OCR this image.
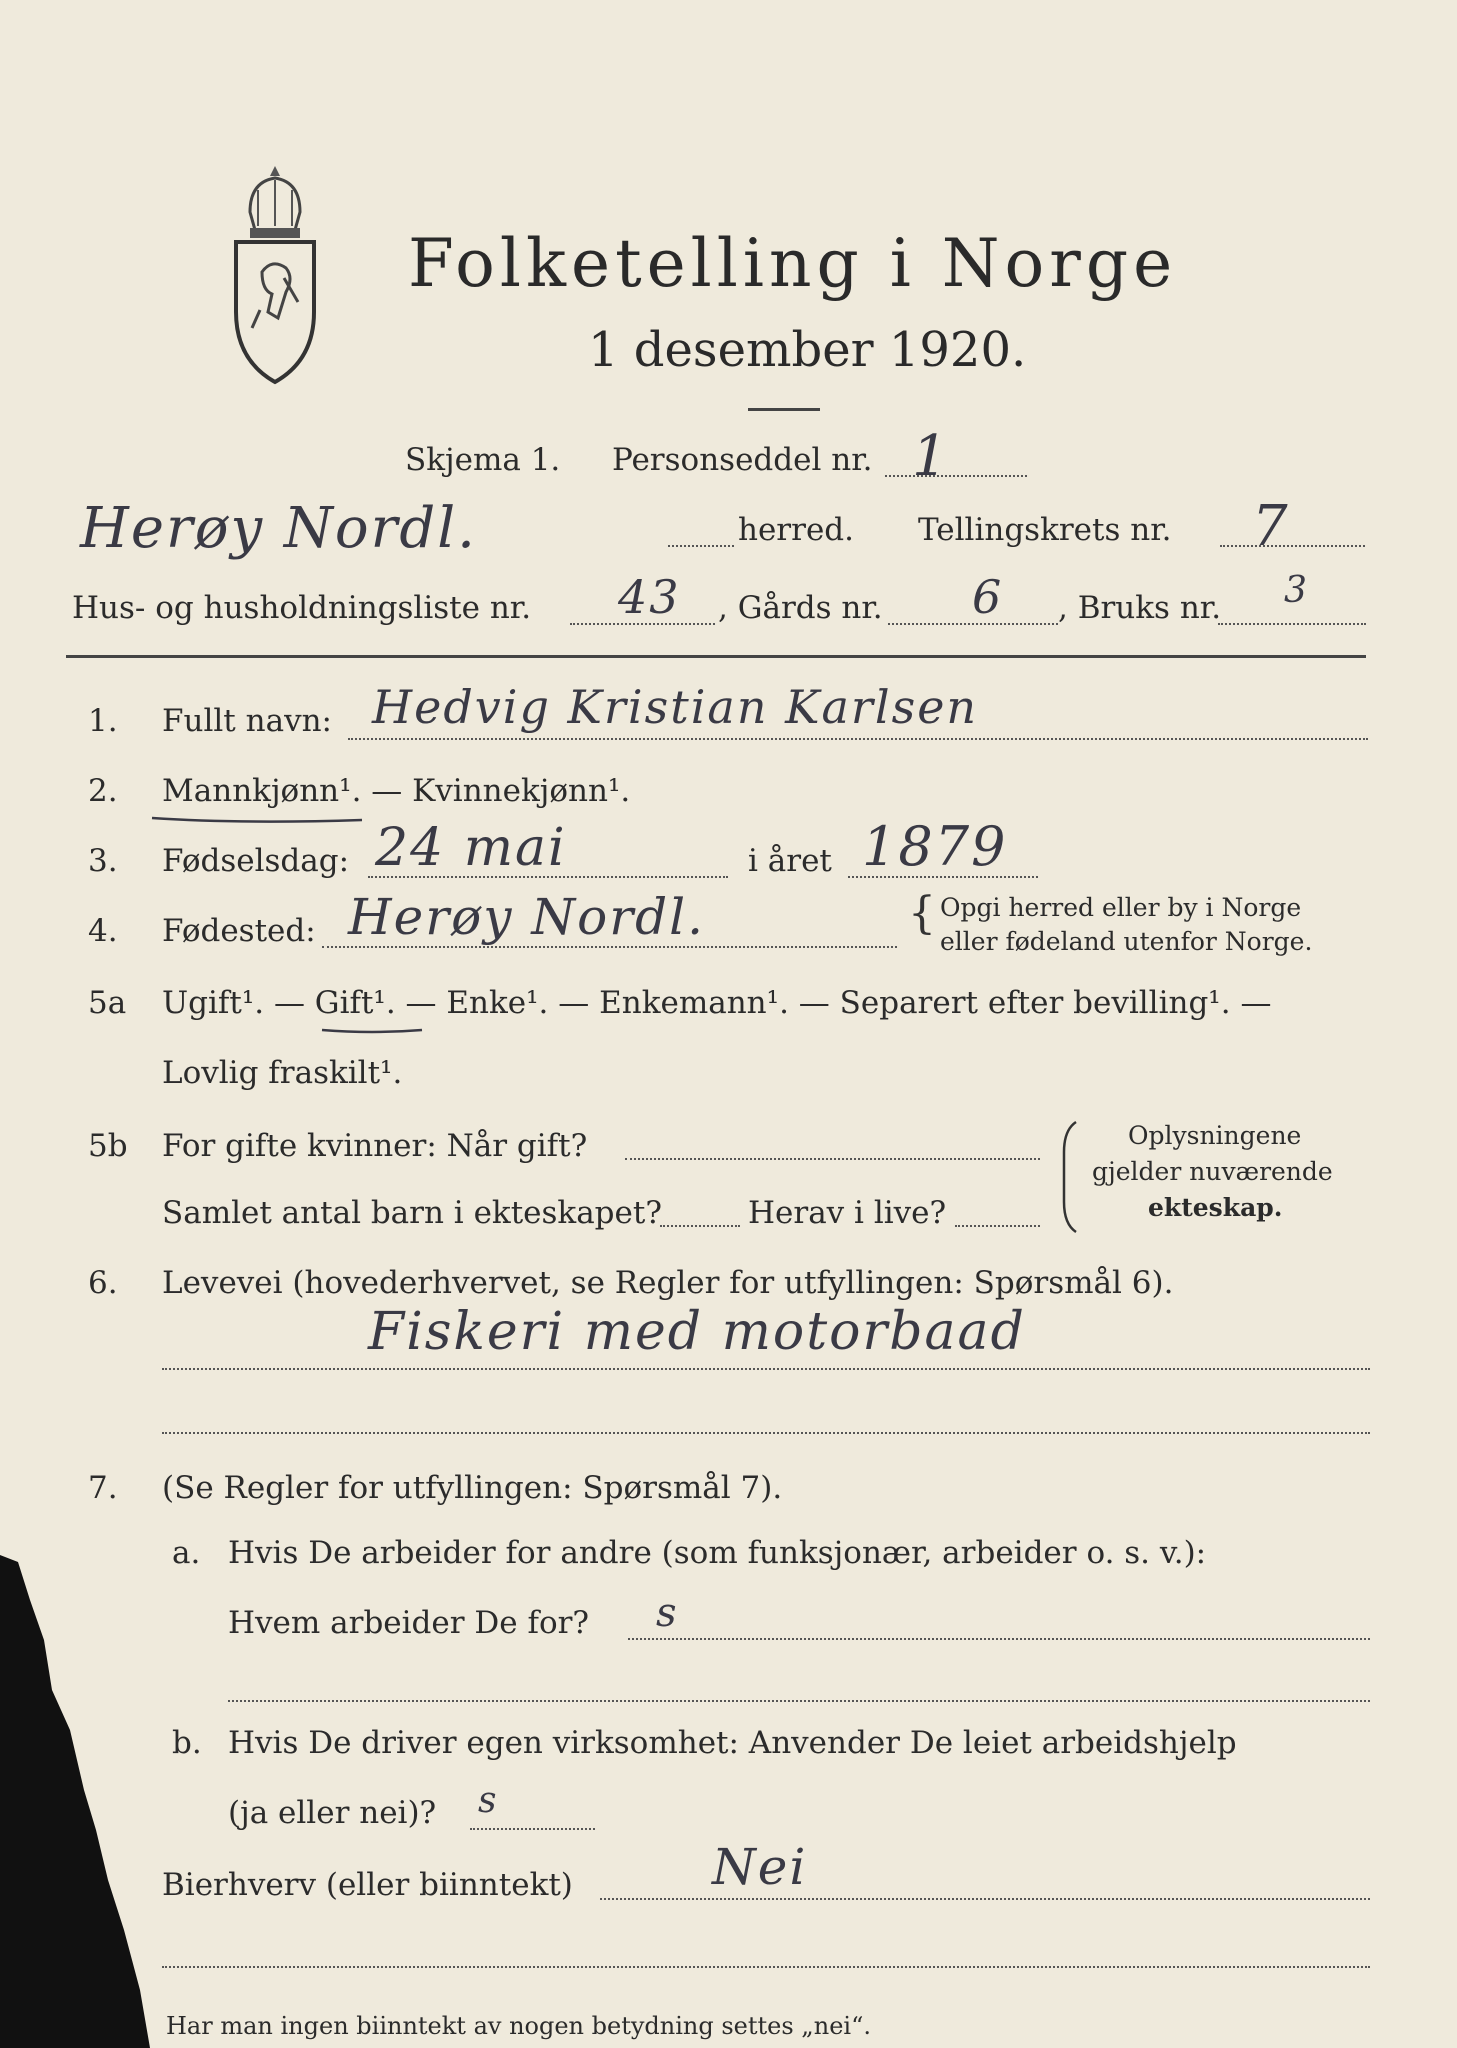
Folketelling i Norge
1 desember 1920.
Skjema 1. Personseddel nr. 1
Herøy Nordl.	herred. Tellingskrets nr. 7
Hus- og husholdningsliste nr. 43 , Gårds nr. 6 , Bruks nr. 3
1. Fullt navn: Hedvig Kristian Karlsen
2. Mannkjønn¹. — Kvinnekjønn¹.
3. Fødselsdag: 24 mai	i året 1879
4. Fødested: Herøy Nordl.	{ Opgi herred eller by i Norge
eller fødeland utenfor Norge.
5a Ugift¹. — Gift¹. — Enke¹. — Enkemann¹. — Separert efter bevilling¹. —
Lovlig fraskilt¹.
5b For gifte kvinner: Når gift?
Samlet antal barn i ekteskapet?	Herav i live?
Oplysningene
gjelder nuværende
ekteskap.
6. Levevei (hovederhvervet, se Regler for utfyllingen: Spørsmål 6).
Fiskeri med motorbaad
7. (Se Regler for utfyllingen: Spørsmål 7).
a. Hvis De arbeider for andre (som funksjonær, arbeider o. s. v.):
Hvem arbeider De for? s
b. Hvis De driver egen virksomhet: Anvender De leiet arbeidshjelp
(ja eller nei)? s
Bierhverv (eller biinntekt)	Nei
Har man ingen biinntekt av nogen betydning settes „nei“.
